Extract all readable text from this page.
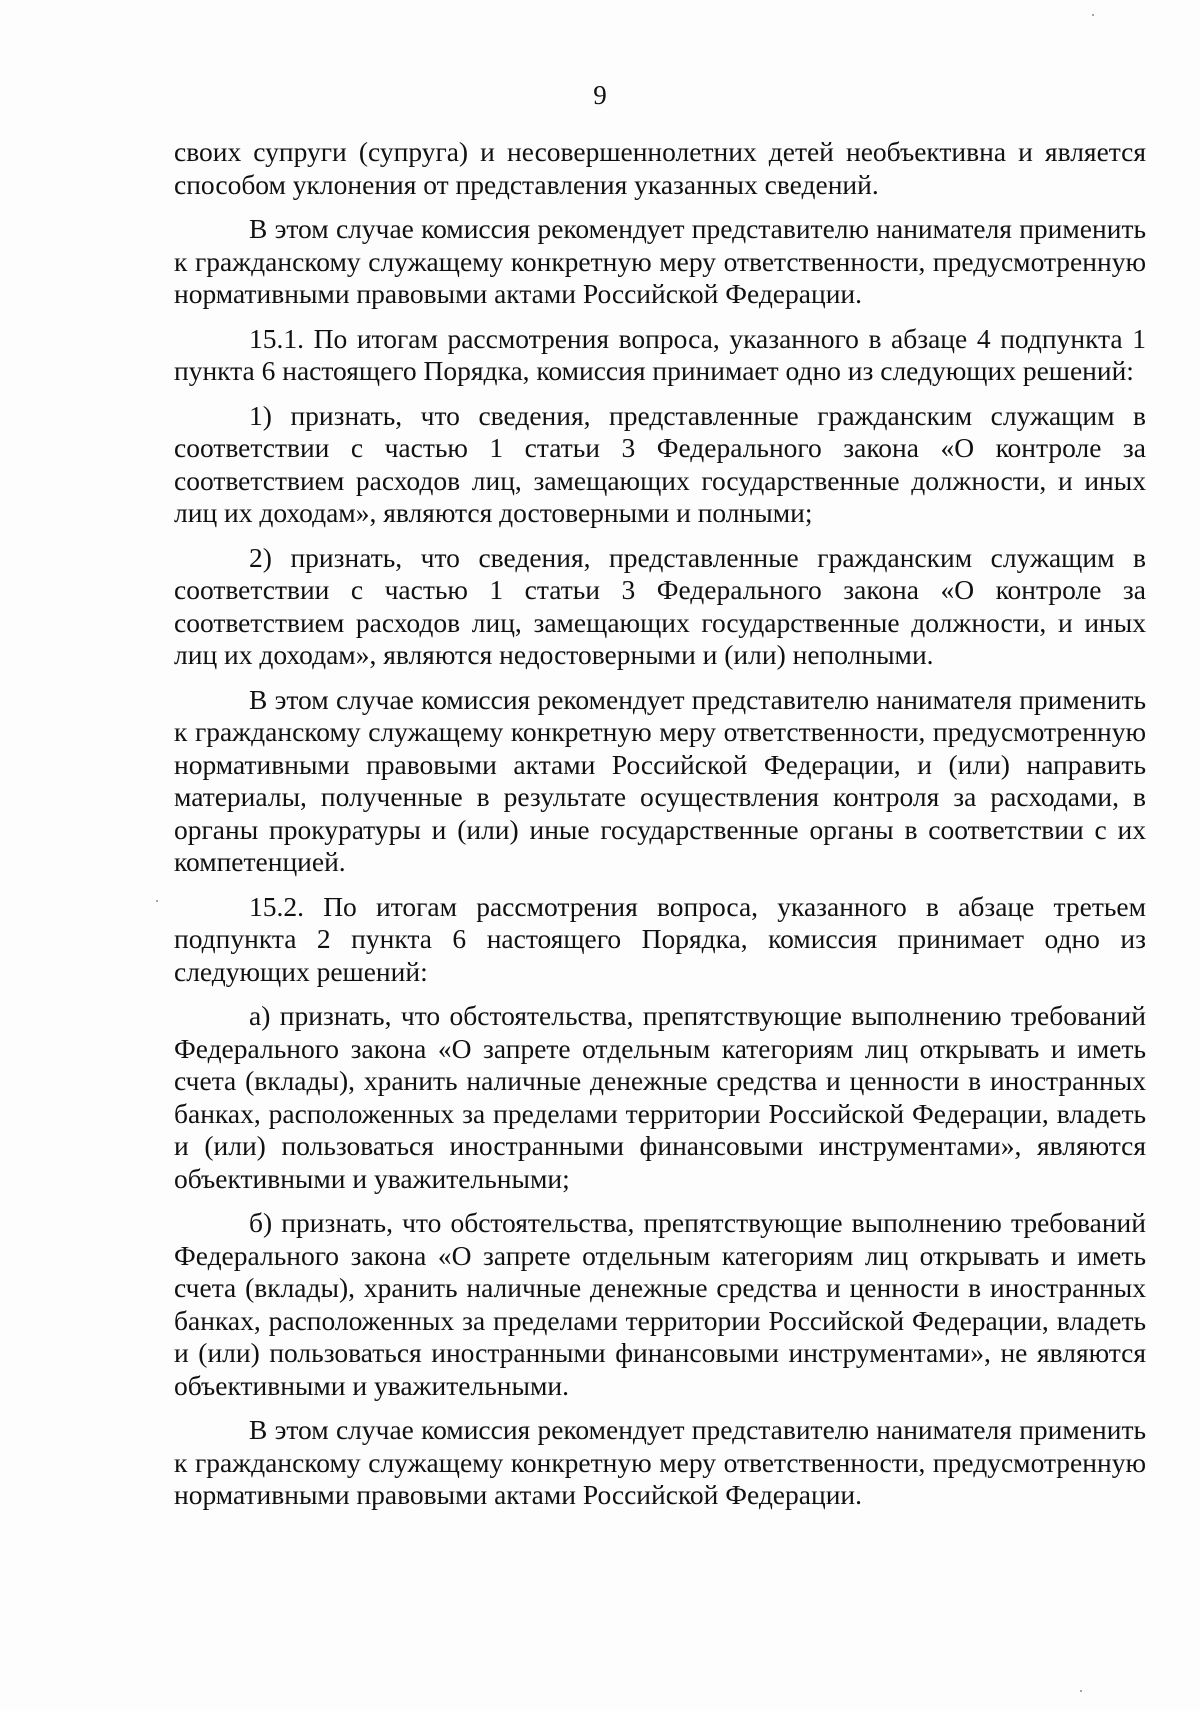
9

своих супруги (супруга) и несовершеннолетних детей необъективна и является способом уклонения от представления указанных сведений.

В этом случае комиссия рекомендует представителю нанимателя применить к гражданскому служащему конкретную меру ответственности, предусмотренную нормативными правовыми актами Российской Федерации.

15.1. По итогам рассмотрения вопроса, указанного в абзаце 4 подпункта 1 пункта 6 настоящего Порядка, комиссия принимает одно из следующих решений:

1) признать, что сведения, представленные гражданским служащим в соответствии с частью 1 статьи 3 Федерального закона «О контроле за соответствием расходов лиц, замещающих государственные должности, и иных лиц их доходам», являются достоверными и полными;

2) признать, что сведения, представленные гражданским служащим в соответствии с частью 1 статьи 3 Федерального закона «О контроле за соответствием расходов лиц, замещающих государственные должности, и иных лиц их доходам», являются недостоверными и (или) неполными.

В этом случае комиссия рекомендует представителю нанимателя применить к гражданскому служащему конкретную меру ответственности, предусмотренную нормативными правовыми актами Российской Федерации, и (или) направить материалы, полученные в результате осуществления контроля за расходами, в органы прокуратуры и (или) иные государственные органы в соответствии с их компетенцией.

15.2. По итогам рассмотрения вопроса, указанного в абзаце третьем подпункта 2 пункта 6 настоящего Порядка, комиссия принимает одно из следующих решений:

а) признать, что обстоятельства, препятствующие выполнению требований Федерального закона «О запрете отдельным категориям лиц открывать и иметь счета (вклады), хранить наличные денежные средства и ценности в иностранных банках, расположенных за пределами территории Российской Федерации, владеть и (или) пользоваться иностранными финансовыми инструментами», являются объективными и уважительными;

б) признать, что обстоятельства, препятствующие выполнению требований Федерального закона «О запрете отдельным категориям лиц открывать и иметь счета (вклады), хранить наличные денежные средства и ценности в иностранных банках, расположенных за пределами территории Российской Федерации, владеть и (или) пользоваться иностранными финансовыми инструментами», не являются объективными и уважительными.

В этом случае комиссия рекомендует представителю нанимателя применить к гражданскому служащему конкретную меру ответственности, предусмотренную нормативными правовыми актами Российской Федерации.
